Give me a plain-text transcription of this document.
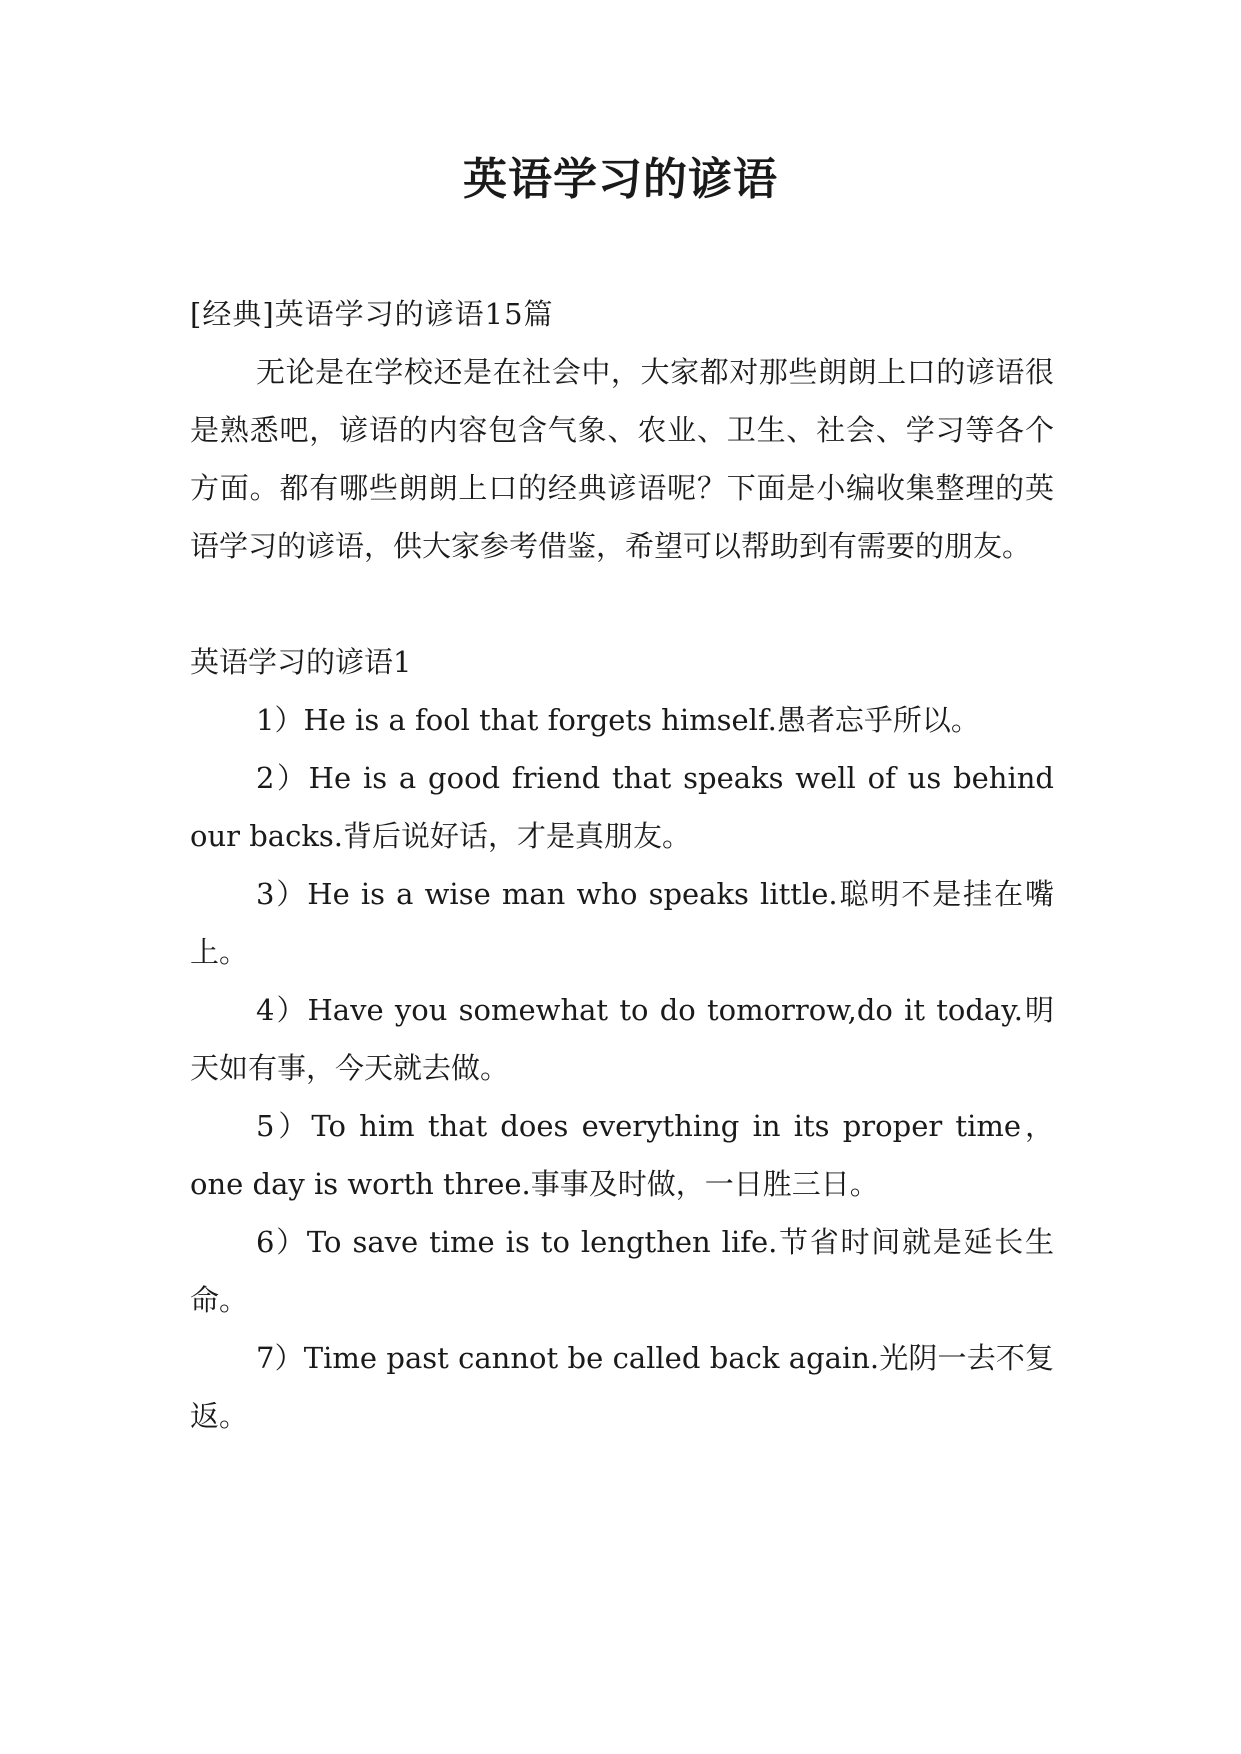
英语学习的谚语

[经典]英语学习的谚语15篇

无论是在学校还是在社会中，大家都对那些朗朗上口的谚语很是熟悉吧，谚语的内容包含气象、农业、卫生、社会、学习等各个方面。都有哪些朗朗上口的经典谚语呢？下面是小编收集整理的英语学习的谚语，供大家参考借鉴，希望可以帮助到有需要的朋友。

英语学习的谚语1

1）He is a fool that forgets himself.愚者忘乎所以。

2）He is a good friend that speaks well of us behind our backs.背后说好话，才是真朋友。

3）He is a wise man who speaks little.聪明不是挂在嘴上。

4）Have you somewhat to do tomorrow,do it today.明天如有事，今天就去做。

5）To him that does everything in its proper time，one day is worth three.事事及时做，一日胜三日。

6）To save time is to lengthen life.节省时间就是延长生命。

7）Time past cannot be called back again.光阴一去不复返。
